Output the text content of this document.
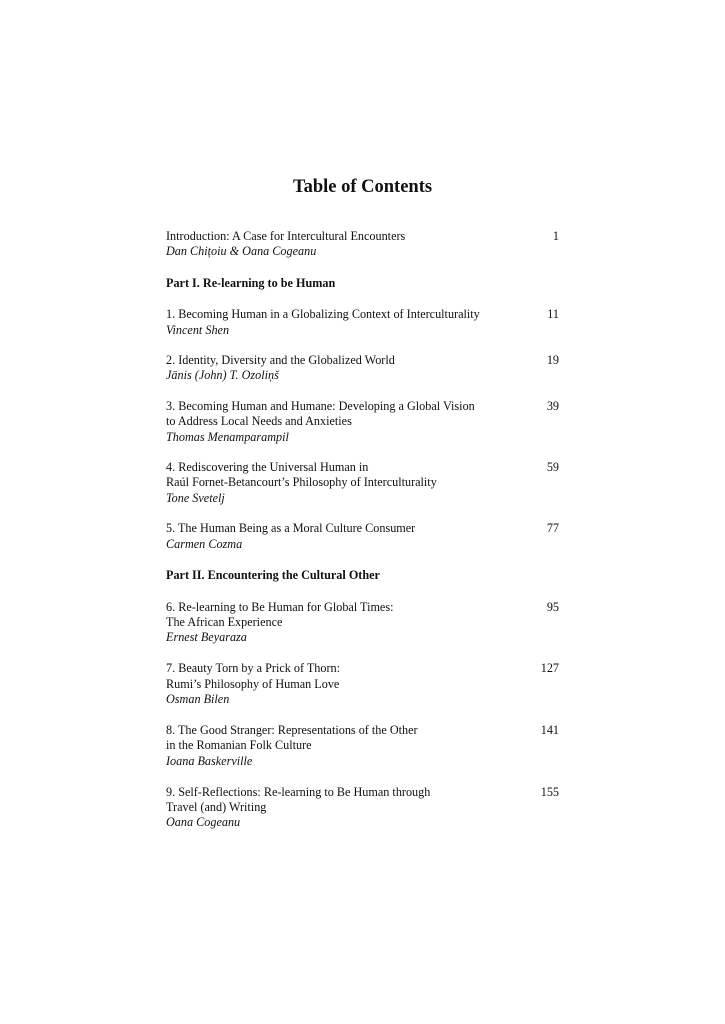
Table of Contents
Introduction: A Case for Intercultural Encounters
Dan Chițoiu & Oana Cogeanu
1
Part I. Re-learning to be Human
1. Becoming Human in a Globalizing Context of Interculturality
Vincent Shen
11
2. Identity, Diversity and the Globalized World
Jānis (John) T. Ozoliņš
19
3. Becoming Human and Humane: Developing a Global Vision
to Address Local Needs and Anxieties
Thomas Menamparampil
39
4. Rediscovering the Universal Human in
Raúl Fornet-Betancourt’s Philosophy of Interculturality
Tone Svetelj
59
5. The Human Being as a Moral Culture Consumer
Carmen Cozma
77
Part II. Encountering the Cultural Other
6. Re-learning to Be Human for Global Times:
The African Experience
Ernest Beyaraza
95
7. Beauty Torn by a Prick of Thorn:
Rumi’s Philosophy of Human Love
Osman Bilen
127
8. The Good Stranger: Representations of the Other
in the Romanian Folk Culture
Ioana Baskerville
141
9. Self-Reflections: Re-learning to Be Human through
Travel (and) Writing
Oana Cogeanu
155
